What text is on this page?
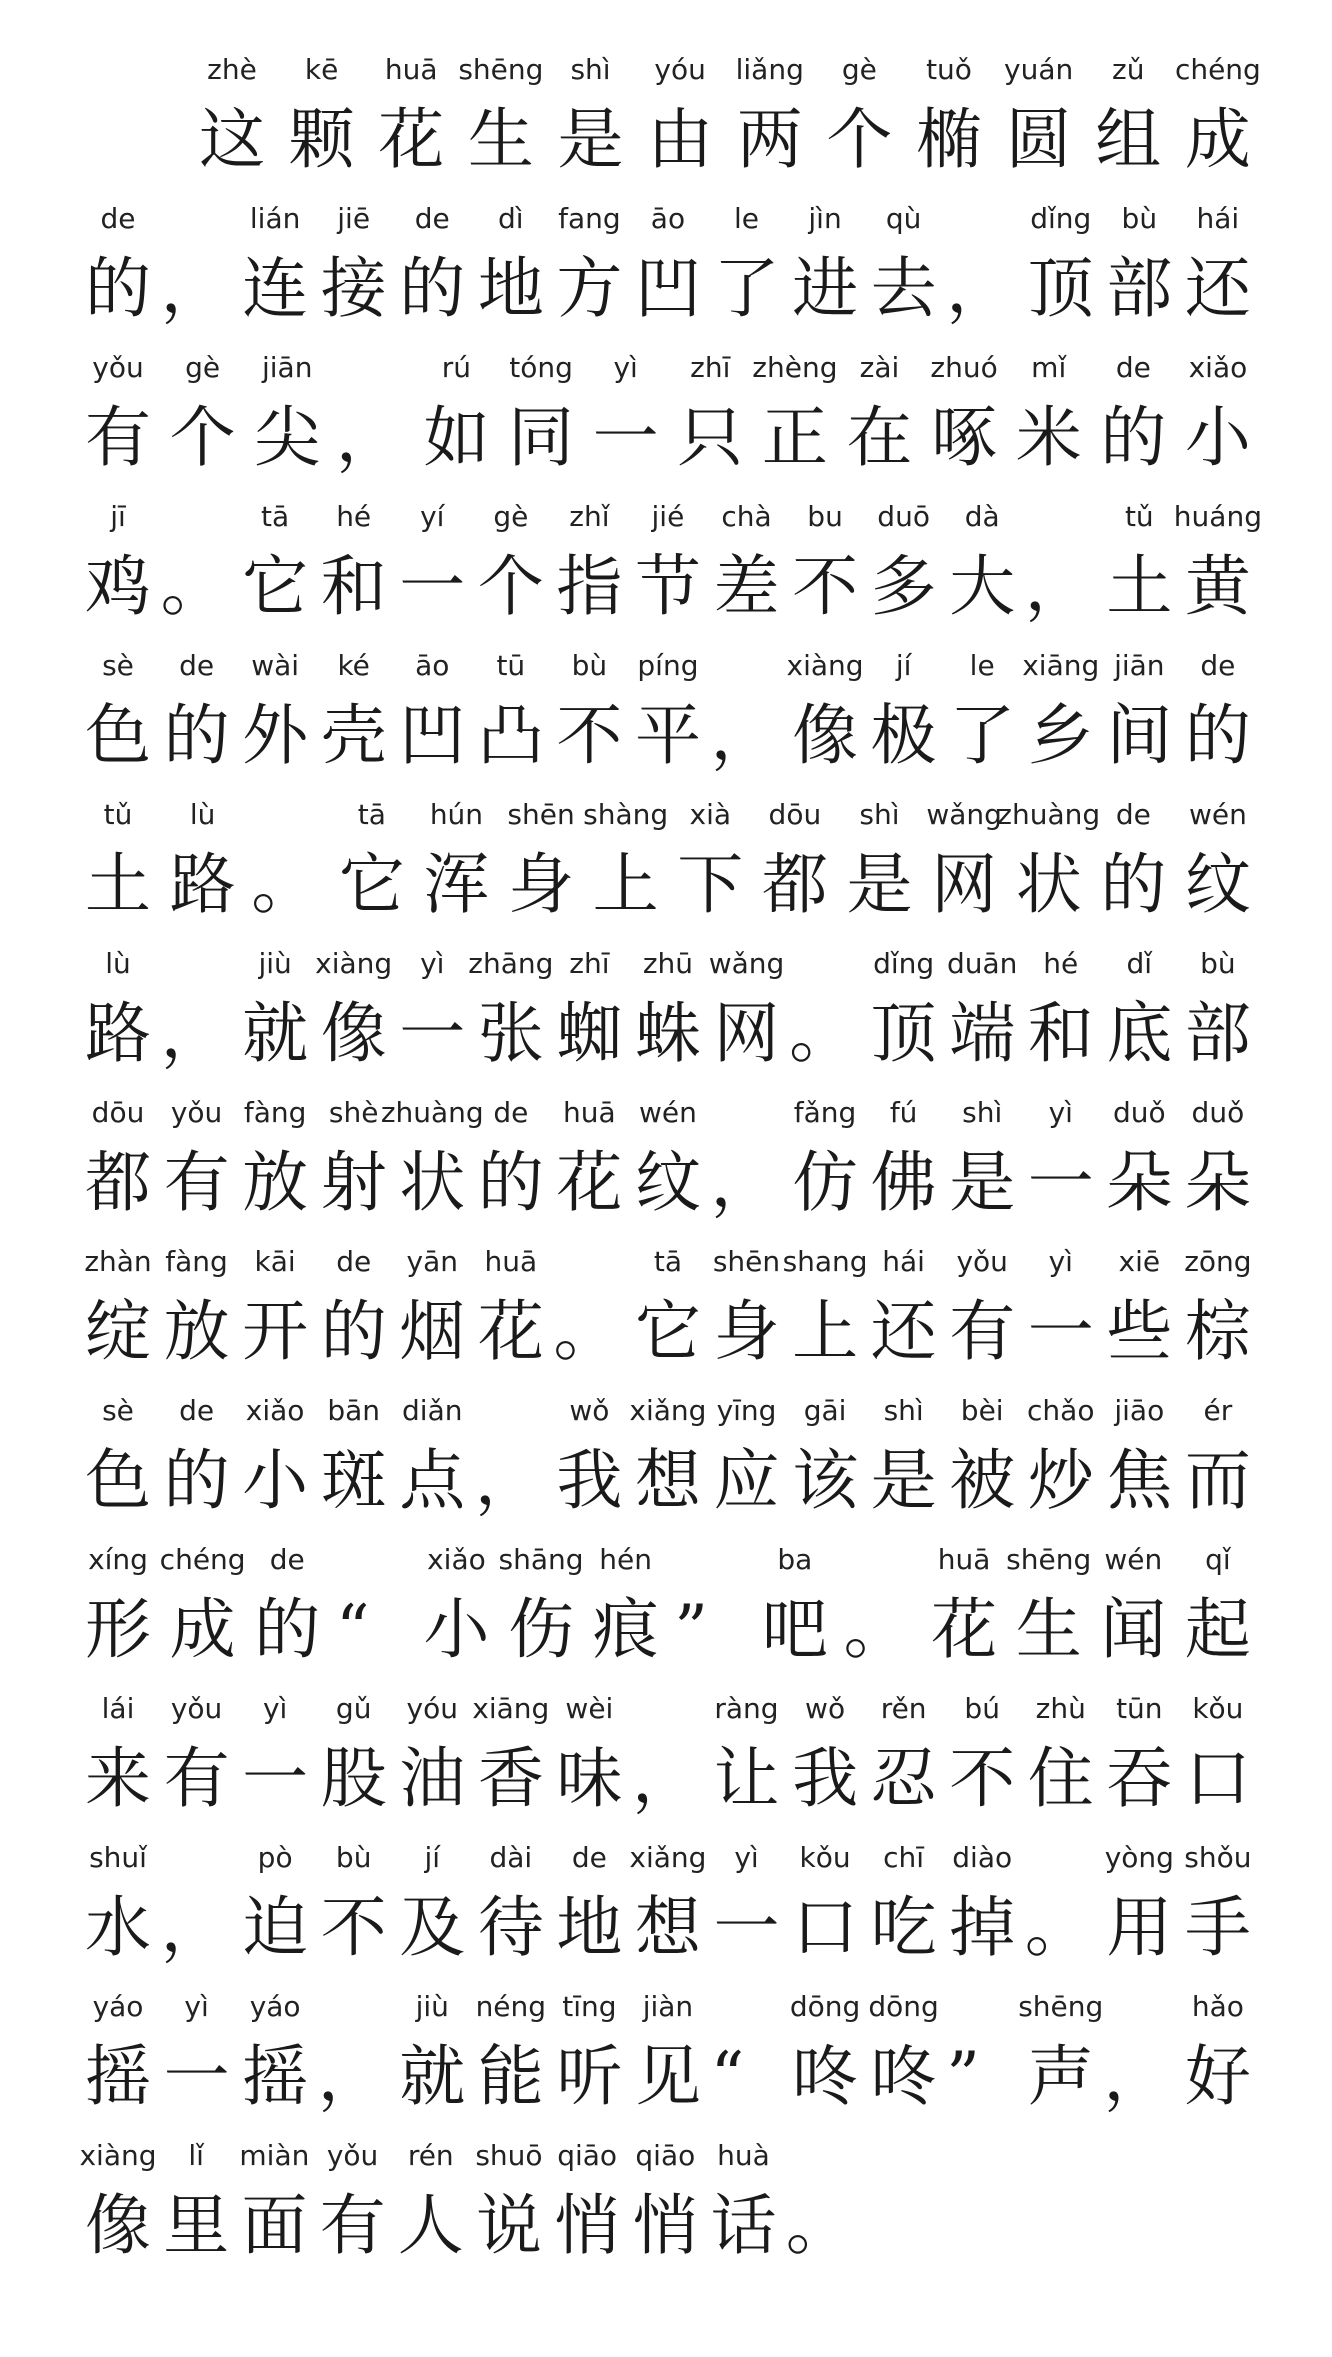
zhè
这
kē
颗
huā
花
shēng
生
shì
是
yóu
由
liǎng
两
gè
个
tuǒ
椭
yuán
圆
zǔ
组
chéng
成
de
的 ，
lián
连
jiē
接
de
的
dì
地
fang
方
āo
凹
le
了
jìn
进
qù
去 ，
dǐng
顶
bù
部
hái
还
yǒu
有
gè
个
jiān
尖 ，
rú
如
tóng
同
yì
一
zhī
只
zhèng
正
zài
在
zhuó
啄
mǐ
米
de
的
xiǎo
小
jī
鸡 。
tā
它
hé
和
yí
一
gè
个
zhǐ
指
jié
节
chà
差
bu
不
duō
多
dà
大 ，
tǔ
土
huáng
黄
sè
色
de
的
wài
外
ké
壳
āo
凹
tū
凸
bù
不
píng
平 ，
xiàng
像
jí
极
le
了
xiāng
乡
jiān
间
de
的
tǔ
土
lù
路 。
tā
它
hún
浑
shēn
身
shàng
上
xià
下
dōu
都
shì
是
wǎng
网
zhuàng
状
de
的
wén
纹
lù
路 ，
jiù
就
xiàng
像
yì
一
zhāng
张
zhī
蜘
zhū
蛛
wǎng
网 。
dǐng
顶
duān
端
hé
和
dǐ
底
bù
部
dōu
都
yǒu
有
fàng
放
shè
射
zhuàng
状
de
的
huā
花
wén
纹 ，
fǎng
仿
fú
佛
shì
是
yì
一
duǒ
朵
duǒ
朵
zhàn
绽
fàng
放
kāi
开
de
的
yān
烟
huā
花 。
tā
它
shēn
身
shang
上
hái
还
yǒu
有
yì
一
xiē
些
zōng
棕
sè
色
de
的
xiǎo
小
bān
斑
diǎn
点 ，
wǒ
我
xiǎng
想
yīng
应
gāi
该
shì
是
bèi
被
chǎo
炒
jiāo
焦
ér
而
xíng
形
chéng
成
de
的 “
xiǎo
小
shāng
伤
hén
痕 ”
ba
吧 。
huā
花
shēng
生
wén
闻
qǐ
起
lái
来
yǒu
有
yì
一
gǔ
股
yóu
油
xiāng
香
wèi
味 ，
ràng
让
wǒ
我
rěn
忍
bú
不
zhù
住
tūn
吞
kǒu
口
shuǐ
水 ，
pò
迫
bù
不
jí
及
dài
待
de
地
xiǎng
想
yì
一
kǒu
口
chī
吃
diào
掉 。
yòng
用
shǒu
手
yáo
摇
yì
一
yáo
摇 ，
jiù
就
néng
能
tīng
听
jiàn
见 “
dōng
咚
dōng
咚 ”
shēng
声 ，
hǎo
好
xiàng
像
lǐ
里
miàn
面
yǒu
有
rén
人
shuō
说
qiāo
悄
qiāo
悄
huà
话 。
